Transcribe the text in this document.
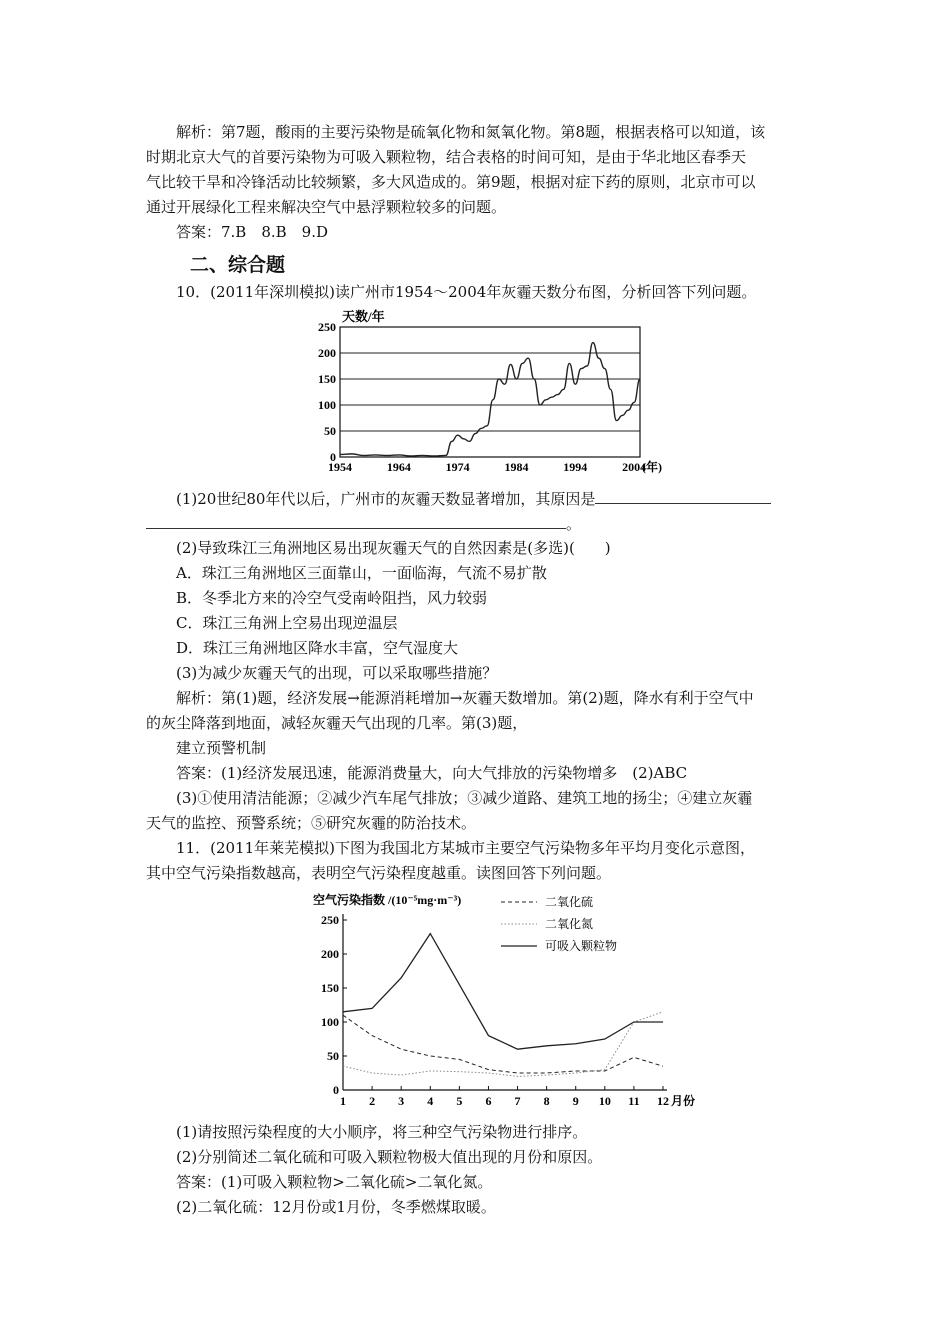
解析：第7题，酸雨的主要污染物是硫氧化物和氮氧化物。第8题，根据表格可以知道，该
时期北京大气的首要污染物为可吸入颗粒物，结合表格的时间可知，是由于华北地区春季天
气比较干旱和冷锋活动比较频繁，多大风造成的。第9题，根据对症下药的原则，北京市可以
通过开展绿化工程来解决空气中悬浮颗粒较多的问题。
答案：7.B　8.B　9.D
二、综合题
10．(2011年深圳模拟)读广州市1954～2004年灰霾天数分布图，分析回答下列问题。
0
50
100
150
200
250
1954	1964	1974	1984	1994	2004
天数/年
(年)
(1)20世纪80年代以后，广州市的灰霾天数显著增加，其原因是
。
(2)导致珠江三角洲地区易出现灰霾天气的自然因素是(多选)(　　)
A．珠江三角洲地区三面靠山，一面临海，气流不易扩散
B．冬季北方来的冷空气受南岭阻挡，风力较弱
C．珠江三角洲上空易出现逆温层
D．珠江三角洲地区降水丰富，空气湿度大
(3)为减少灰霾天气的出现，可以采取哪些措施？
解析：第(1)题，经济发展→能源消耗增加→灰霾天数增加。第(2)题，降水有利于空气中
的灰尘降落到地面，减轻灰霾天气出现的几率。第(3)题，
建立预警机制
答案：(1)经济发展迅速，能源消费量大，向大气排放的污染物增多　(2)ABC
(3)①使用清洁能源；②减少汽车尾气排放；③减少道路、建筑工地的扬尘；④建立灰霾
天气的监控、预警系统；⑤研究灰霾的防治技术。
11．(2011年莱芜模拟)下图为我国北方某城市主要空气污染物多年平均月变化示意图，
其中空气污染指数越高，表明空气污染程度越重。读图回答下列问题。
0
50
100
150
200
250
1 2 3 4 5 6 7 8 9 10 11 12 月份
空气污染指数 /(10⁻⁵mg·m⁻³)	二氧化硫
二氧化氮
可吸入颗粒物
(1)请按照污染程度的大小顺序，将三种空气污染物进行排序。
(2)分别简述二氧化硫和可吸入颗粒物极大值出现的月份和原因。
答案：(1)可吸入颗粒物>二氧化硫>二氧化氮。
(2)二氧化硫：12月份或1月份，冬季燃煤取暖。
